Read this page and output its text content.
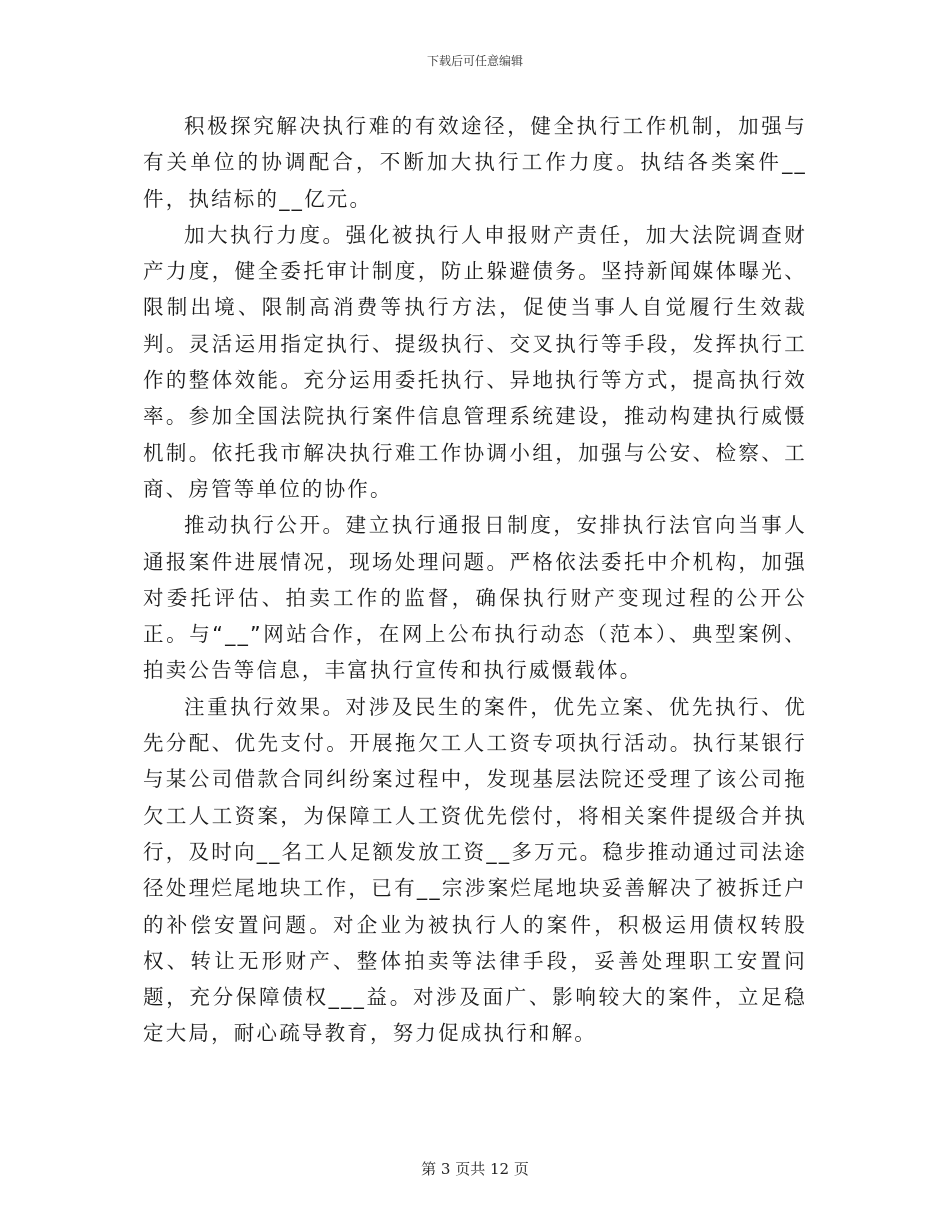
下载后可任意编辑

积极探究解决执行难的有效途径，健全执行工作机制，加强与有关单位的协调配合，不断加大执行工作力度。执结各类案件__件，执结标的__亿元。

加大执行力度。强化被执行人申报财产责任，加大法院调查财产力度，健全委托审计制度，防止躲避债务。坚持新闻媒体曝光、限制出境、限制高消费等执行方法，促使当事人自觉履行生效裁判。灵活运用指定执行、提级执行、交叉执行等手段，发挥执行工作的整体效能。充分运用委托执行、异地执行等方式，提高执行效率。参加全国法院执行案件信息管理系统建设，推动构建执行威慑机制。依托我市解决执行难工作协调小组，加强与公安、检察、工商、房管等单位的协作。

推动执行公开。建立执行通报日制度，安排执行法官向当事人通报案件进展情况，现场处理问题。严格依法委托中介机构，加强对委托评估、拍卖工作的监督，确保执行财产变现过程的公开公正。与“__”网站合作，在网上公布执行动态（范本）、典型案例、拍卖公告等信息，丰富执行宣传和执行威慑载体。

注重执行效果。对涉及民生的案件，优先立案、优先执行、优先分配、优先支付。开展拖欠工人工资专项执行活动。执行某银行与某公司借款合同纠纷案过程中，发现基层法院还受理了该公司拖欠工人工资案，为保障工人工资优先偿付，将相关案件提级合并执行，及时向__名工人足额发放工资__多万元。稳步推动通过司法途径处理烂尾地块工作，已有__宗涉案烂尾地块妥善解决了被拆迁户的补偿安置问题。对企业为被执行人的案件，积极运用债权转股权、转让无形财产、整体拍卖等法律手段，妥善处理职工安置问题，充分保障债权___益。对涉及面广、影响较大的案件，立足稳定大局，耐心疏导教育，努力促成执行和解。

第 3 页共 12 页
